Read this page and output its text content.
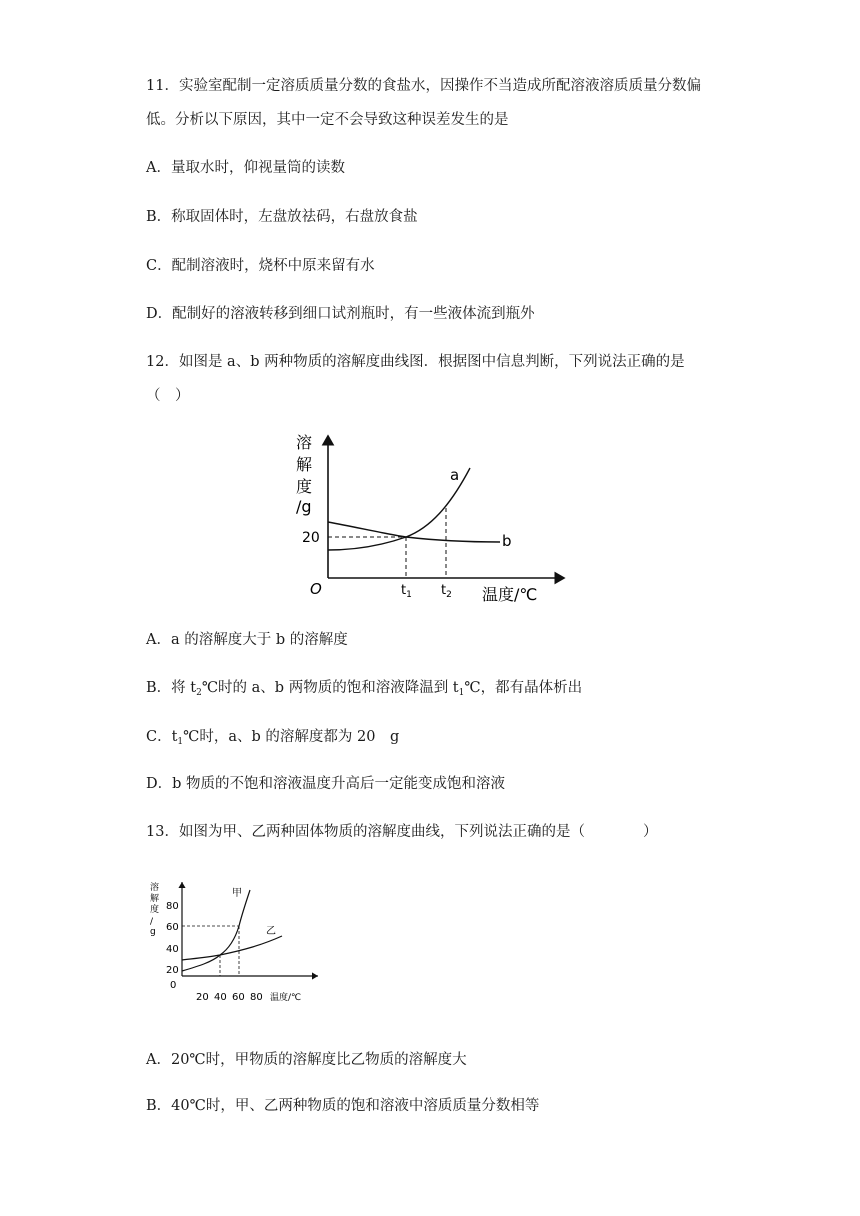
11．实验室配制一定溶质质量分数的食盐水，因操作不当造成所配溶液溶质质量分数偏
低。分析以下原因，其中一定不会导致这种误差发生的是
A．量取水时，仰视量筒的读数
B．称取固体时，左盘放祛码，右盘放食盐
C．配制溶液时，烧杯中原来留有水
D．配制好的溶液转移到细口试剂瓶时，有一些液体流到瓶外
12．如图是 a、b 两种物质的溶解度曲线图．根据图中信息判断，下列说法正确的是
（　）
溶
解
度
/g
O
20
$t_1$ $t_2$ 温度/℃
a
b
A．a 的溶解度大于 b 的溶解度
B．将 $t_2℃$时的 a、b 两物质的饱和溶液降温到 $t_1℃$，都有晶体析出
C．$t_1℃$时，a、b 的溶解度都为 20　g
D．b 物质的不饱和溶液温度升高后一定能变成饱和溶液
13．如图为甲、乙两种固体物质的溶解度曲线，下列说法正确的是（　　　　）
溶
解
度
/
g
80
60
40
20
0
20 40 60 80 温度/℃
甲
乙
A．20℃时，甲物质的溶解度比乙物质的溶解度大
B．40℃时，甲、乙两种物质的饱和溶液中溶质质量分数相等
